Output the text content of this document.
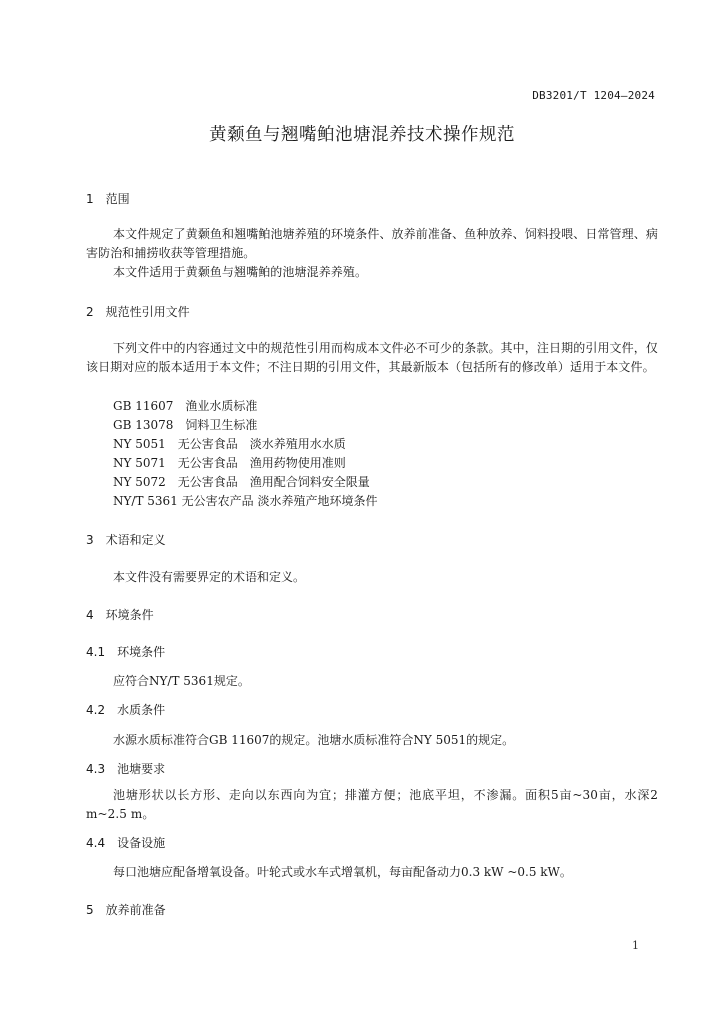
DB3201/T 1204—2024
黄颡鱼与翘嘴鲌池塘混养技术操作规范
1 范围
本文件规定了黄颡鱼和翘嘴鲌池塘养殖的环境条件、放养前准备、鱼种放养、饲料投喂、日常管理、病害防治和捕捞收获等管理措施。
本文件适用于黄颡鱼与翘嘴鲌的池塘混养养殖。
2 规范性引用文件
下列文件中的内容通过文中的规范性引用而构成本文件必不可少的条款。其中，注日期的引用文件，仅该日期对应的版本适用于本文件；不注日期的引用文件，其最新版本（包括所有的修改单）适用于本文件。
GB 11607　渔业水质标准
GB 13078　饲料卫生标准
NY 5051　无公害食品　淡水养殖用水水质
NY 5071　无公害食品　渔用药物使用准则
NY 5072　无公害食品　渔用配合饲料安全限量
NY/T 5361 无公害农产品 淡水养殖产地环境条件
3 术语和定义
本文件没有需要界定的术语和定义。
4 环境条件
4.1 环境条件
应符合NY/T 5361规定。
4.2 水质条件
水源水质标准符合GB 11607的规定。池塘水质标准符合NY 5051的规定。
4.3 池塘要求
池塘形状以长方形、走向以东西向为宜；排灌方便；池底平坦，不渗漏。面积5亩~30亩，水深2 m~2.5 m。
4.4 设备设施
每口池塘应配备增氧设备。叶轮式或水车式增氧机，每亩配备动力0.3 kW ~0.5 kW。
5 放养前准备
1
